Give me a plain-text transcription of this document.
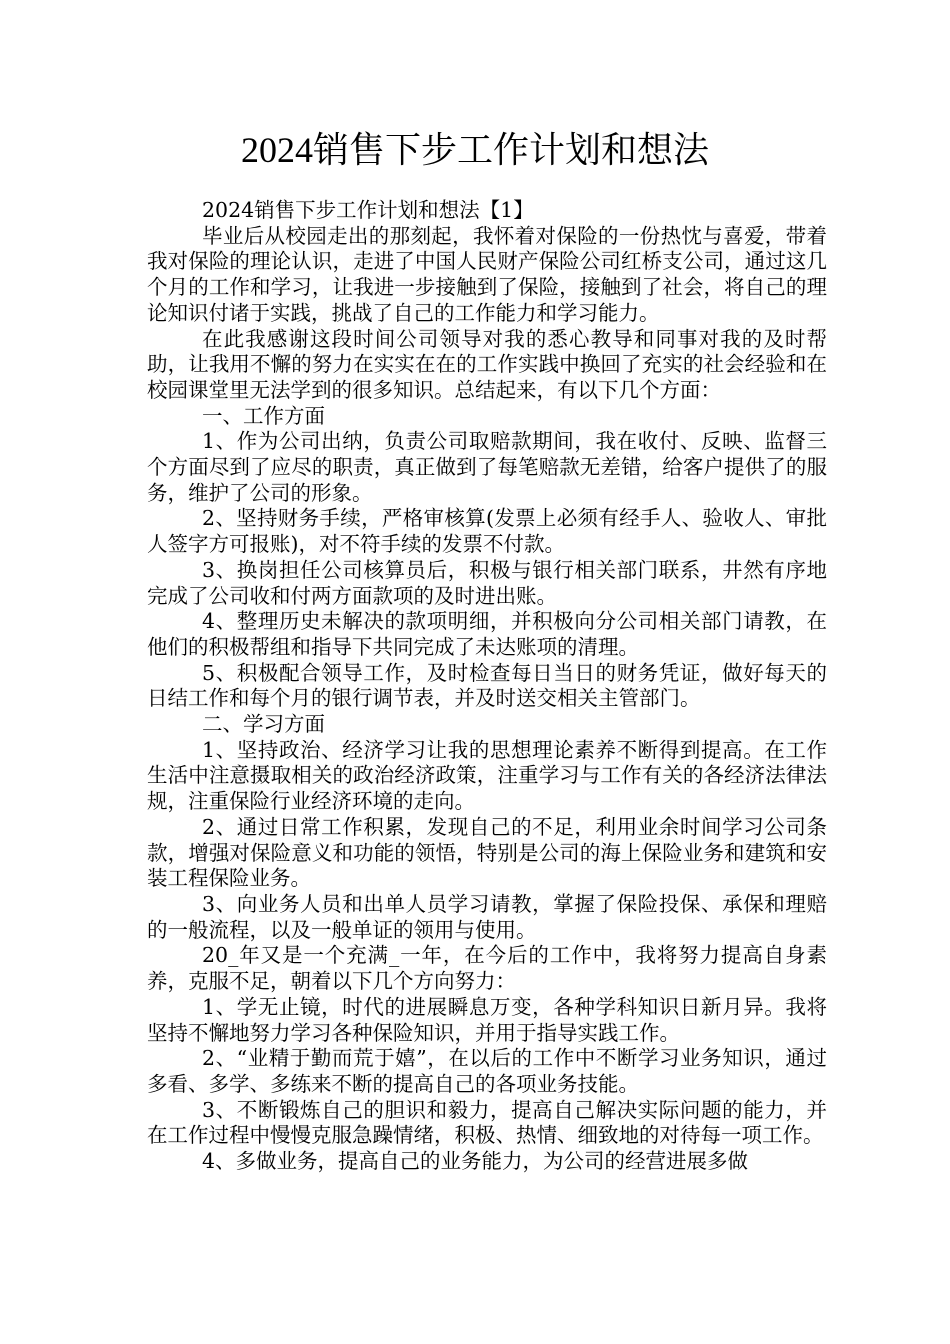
2024销售下步工作计划和想法

2024销售下步工作计划和想法【1】

毕业后从校园走出的那刻起，我怀着对保险的一份热忱与喜爱，带着我对保险的理论认识，走进了中国人民财产保险公司红桥支公司，通过这几个月的工作和学习，让我进一步接触到了保险，接触到了社会，将自己的理论知识付诸于实践，挑战了自己的工作能力和学习能力。

在此我感谢这段时间公司领导对我的悉心教导和同事对我的及时帮助，让我用不懈的努力在实实在在的工作实践中换回了充实的社会经验和在校园课堂里无法学到的很多知识。总结起来，有以下几个方面：

一、工作方面

1、作为公司出纳，负责公司取赔款期间，我在收付、反映、监督三个方面尽到了应尽的职责，真正做到了每笔赔款无差错，给客户提供了的服务，维护了公司的形象。

2、坚持财务手续，严格审核算(发票上必须有经手人、验收人、审批人签字方可报账)，对不符手续的发票不付款。

3、换岗担任公司核算员后，积极与银行相关部门联系，井然有序地完成了公司收和付两方面款项的及时进出账。

4、整理历史未解决的款项明细，并积极向分公司相关部门请教，在他们的积极帮组和指导下共同完成了未达账项的清理。

5、积极配合领导工作，及时检查每日当日的财务凭证，做好每天的日结工作和每个月的银行调节表，并及时送交相关主管部门。

二、学习方面

1、坚持政治、经济学习让我的思想理论素养不断得到提高。在工作生活中注意摄取相关的政治经济政策，注重学习与工作有关的各经济法律法规，注重保险行业经济环境的走向。

2、通过日常工作积累，发现自己的不足，利用业余时间学习公司条款，增强对保险意义和功能的领悟，特别是公司的海上保险业务和建筑和安装工程保险业务。

3、向业务人员和出单人员学习请教，掌握了保险投保、承保和理赔的一般流程，以及一般单证的领用与使用。

20_年又是一个充满_一年，在今后的工作中，我将努力提高自身素养，克服不足，朝着以下几个方向努力：

1、学无止镜，时代的进展瞬息万变，各种学科知识日新月异。我将坚持不懈地努力学习各种保险知识，并用于指导实践工作。

2、“业精于勤而荒于嬉”，在以后的工作中不断学习业务知识，通过多看、多学、多练来不断的提高自己的各项业务技能。

3、不断锻炼自己的胆识和毅力，提高自己解决实际问题的能力，并在工作过程中慢慢克服急躁情绪，积极、热情、细致地的对待每一项工作。

4、多做业务，提高自己的业务能力，为公司的经营进展多做
